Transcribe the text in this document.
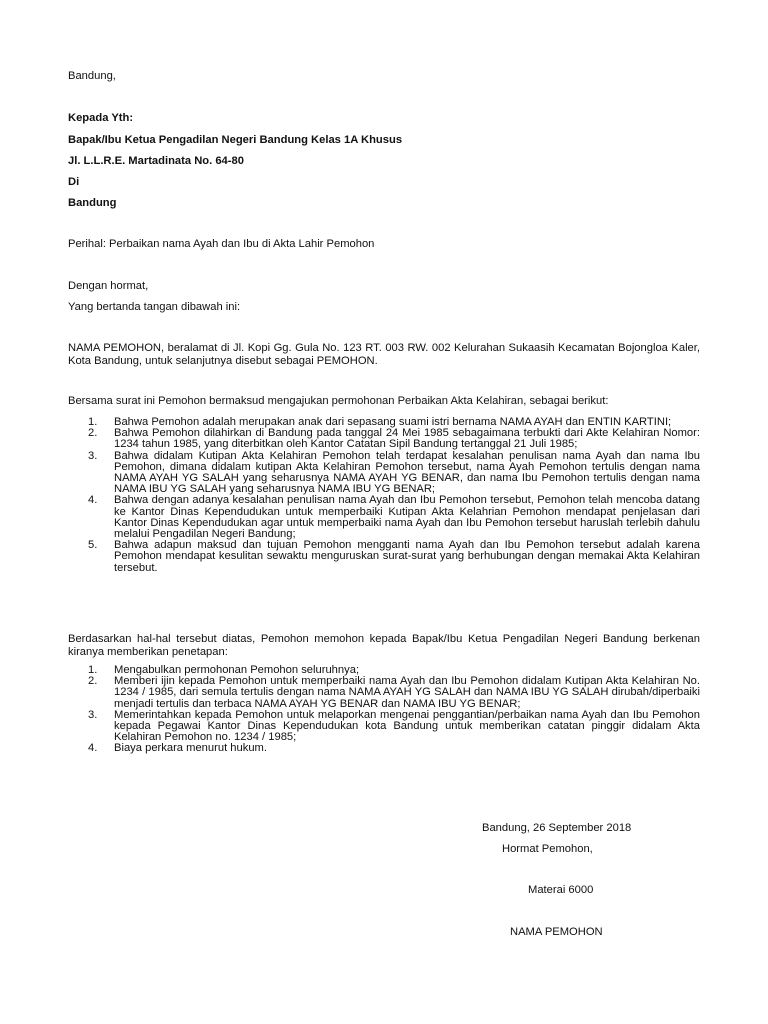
Bandung,
Kepada Yth:
Bapak/Ibu Ketua Pengadilan Negeri Bandung Kelas 1A Khusus
Jl. L.L.R.E. Martadinata No. 64-80
Di
Bandung
Perihal: Perbaikan nama Ayah dan Ibu di Akta Lahir Pemohon
Dengan hormat,
Yang bertanda tangan dibawah ini:
NAMA PEMOHON, beralamat di Jl. Kopi Gg. Gula No. 123 RT. 003 RW. 002 Kelurahan Sukaasih Kecamatan Bojongloa Kaler, Kota Bandung, untuk selanjutnya disebut sebagai PEMOHON.
Bersama surat ini Pemohon bermaksud mengajukan permohonan Perbaikan Akta Kelahiran, sebagai berikut:
1. Bahwa Pemohon adalah merupakan anak dari sepasang suami istri bernama NAMA AYAH dan ENTIN KARTINI;
2. Bahwa Pemohon dilahirkan di Bandung pada tanggal 24 Mei 1985 sebagaimana terbukti dari Akte Kelahiran Nomor: 1234 tahun 1985, yang diterbitkan oleh Kantor Catatan Sipil Bandung tertanggal 21 Juli 1985;
3. Bahwa didalam Kutipan Akta Kelahiran Pemohon telah terdapat kesalahan penulisan nama Ayah dan nama Ibu Pemohon, dimana didalam kutipan Akta Kelahiran Pemohon tersebut, nama Ayah Pemohon tertulis dengan nama NAMA AYAH YG SALAH yang seharusnya NAMA AYAH YG BENAR, dan nama Ibu Pemohon tertulis dengan nama NAMA IBU YG SALAH yang seharusnya NAMA IBU YG BENAR;
4. Bahwa dengan adanya kesalahan penulisan nama Ayah dan Ibu Pemohon tersebut, Pemohon telah mencoba datang ke Kantor Dinas Kependudukan untuk memperbaiki Kutipan Akta Kelahrian Pemohon mendapat penjelasan dari Kantor Dinas Kependudukan agar untuk memperbaiki nama Ayah dan Ibu Pemohon tersebut haruslah terlebih dahulu melalui Pengadilan Negeri Bandung;
5. Bahwa adapun maksud dan tujuan Pemohon mengganti nama Ayah dan Ibu Pemohon tersebut adalah karena Pemohon mendapat kesulitan sewaktu menguruskan surat-surat yang berhubungan dengan memakai Akta Kelahiran tersebut.
Berdasarkan hal-hal tersebut diatas, Pemohon memohon kepada Bapak/Ibu Ketua Pengadilan Negeri Bandung berkenan kiranya memberikan penetapan:
1. Mengabulkan permohonan Pemohon seluruhnya;
2. Memberi ijin kepada Pemohon untuk memperbaiki nama Ayah dan Ibu Pemohon didalam Kutipan Akta Kelahiran No. 1234 / 1985, dari semula tertulis dengan nama NAMA AYAH YG SALAH dan NAMA IBU YG SALAH dirubah/diperbaiki menjadi tertulis dan terbaca NAMA AYAH YG BENAR dan NAMA IBU YG BENAR;
3. Memerintahkan kepada Pemohon untuk melaporkan mengenai penggantian/perbaikan nama Ayah dan Ibu Pemohon kepada Pegawai Kantor Dinas Kependudukan kota Bandung untuk memberikan catatan pinggir didalam Akta Kelahiran Pemohon no. 1234 / 1985;
4. Biaya perkara menurut hukum.
Bandung, 26 September 2018
Hormat Pemohon,
Materai 6000
NAMA PEMOHON
